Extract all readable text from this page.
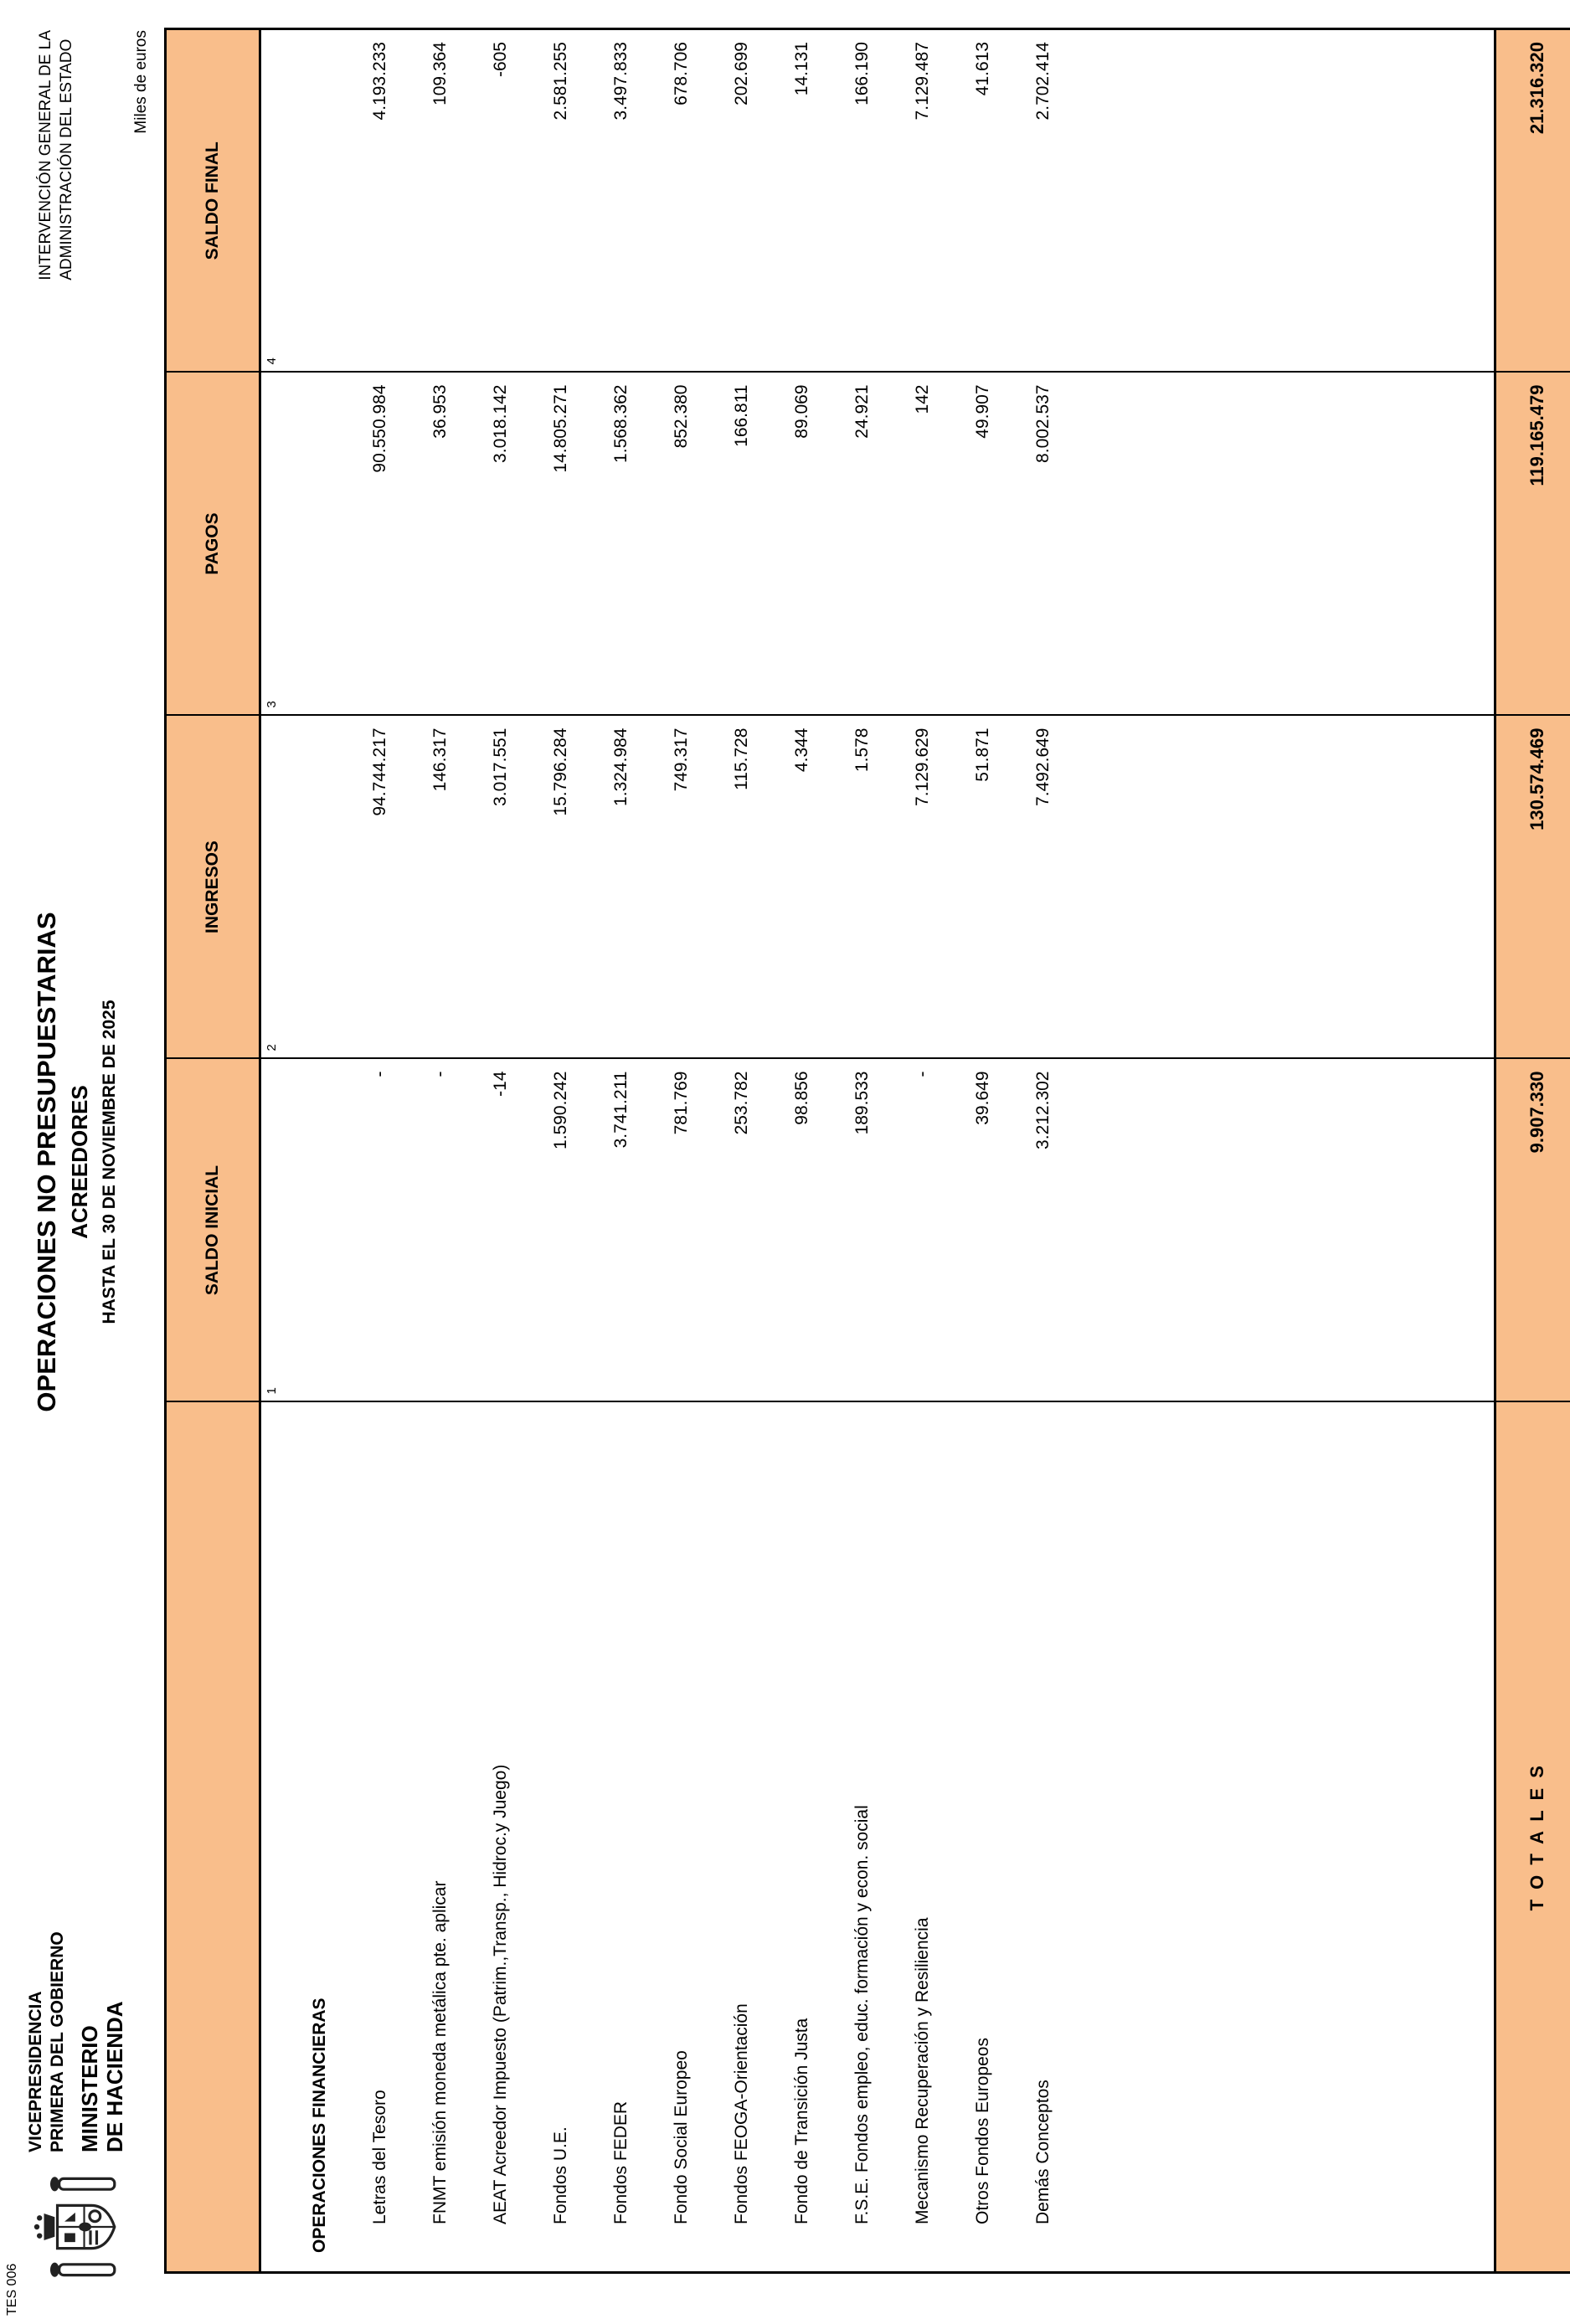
TES 006
VICEPRESIDENCIA PRIMERA DEL GOBIERNO MINISTERIO DE HACIENDA
OPERACIONES NO PRESUPUESTARIAS ACREEDORES HASTA EL 30 DE NOVIEMBRE DE 2025
INTERVENCIÓN GENERAL DE LA ADMINISTRACIÓN DEL ESTADO	Miles de euros
	SALDO INICIAL	INGRESOS	PAGOS	SALDO FINAL
	1	2	3	4
OPERACIONES FINANCIERAS				
Letras del Tesoro	-	94.744.217	90.550.984	4.193.233
FNMT emisión moneda metálica pte. aplicar	-	146.317	36.953	109.364
AEAT Acreedor Impuesto (Patrim.,Transp., Hidroc.y Juego)	-14	3.017.551	3.018.142	-605
Fondos U.E.	1.590.242	15.796.284	14.805.271	2.581.255
Fondos FEDER	3.741.211	1.324.984	1.568.362	3.497.833
Fondo Social Europeo	781.769	749.317	852.380	678.706
Fondos FEOGA-Orientación	253.782	115.728	166.811	202.699
Fondo de Transición Justa	98.856	4.344	89.069	14.131
F.S.E. Fondos empleo, educ. formación y econ. social	189.533	1.578	24.921	166.190
Mecanismo Recuperación y Resiliencia	-	7.129.629	142	7.129.487
Otros Fondos Europeos	39.649	51.871	49.907	41.613
Demás Conceptos	3.212.302	7.492.649	8.002.537	2.702.414

T O T A L E S	9.907.330	130.574.469	119.165.479	21.316.320
